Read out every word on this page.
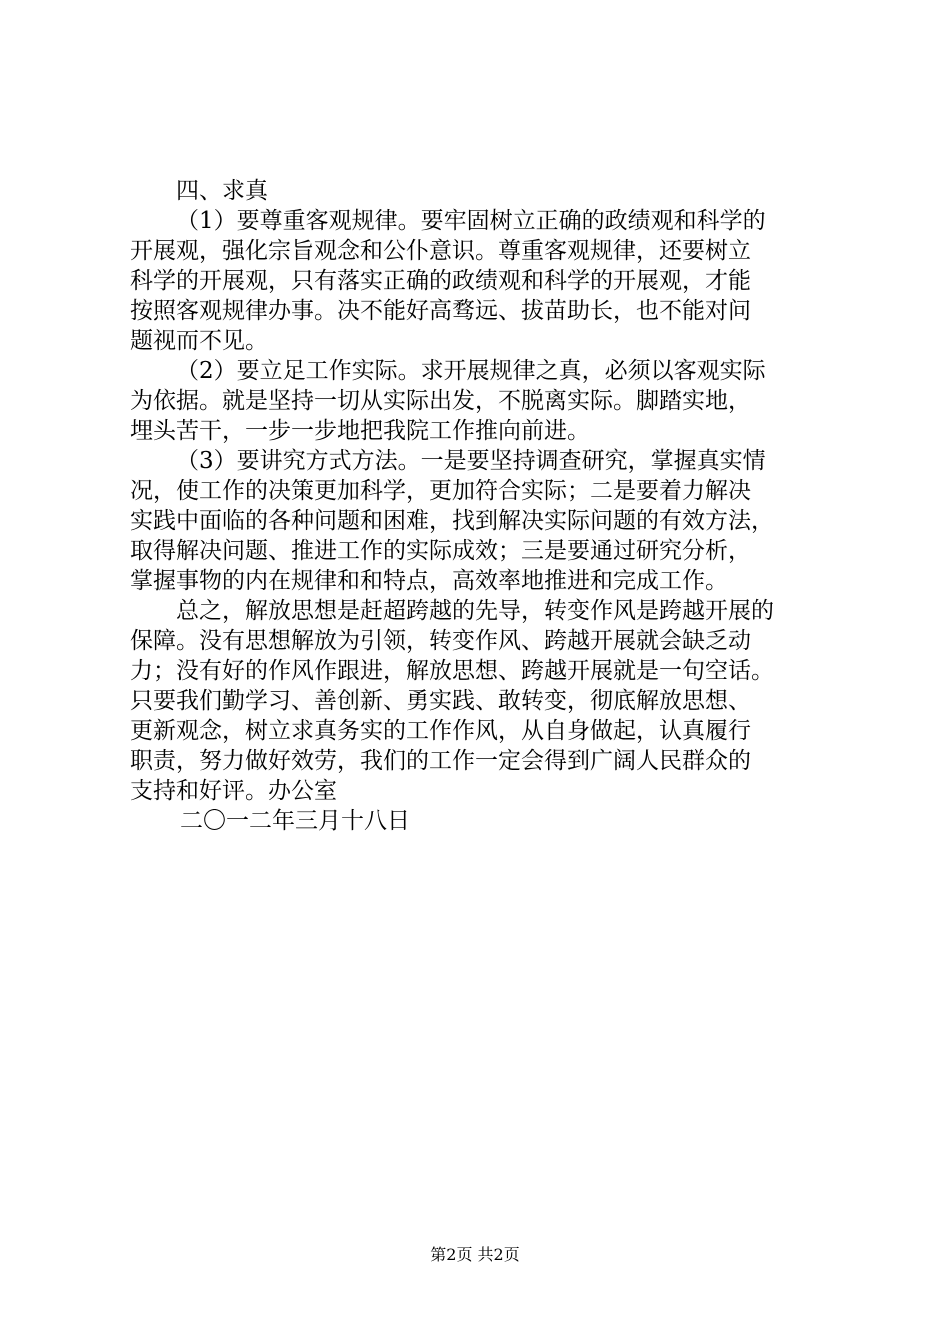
四、求真
（1）要尊重客观规律。要牢固树立正确的政绩观和科学的
开展观，强化宗旨观念和公仆意识。尊重客观规律，还要树立
科学的开展观，只有落实正确的政绩观和科学的开展观，才能
按照客观规律办事。决不能好高骛远、拔苗助长，也不能对问
题视而不见。
（2）要立足工作实际。求开展规律之真，必须以客观实际
为依据。就是坚持一切从实际出发，不脱离实际。脚踏实地，
埋头苦干，一步一步地把我院工作推向前进。
（3）要讲究方式方法。一是要坚持调查研究，掌握真实情
况，使工作的决策更加科学，更加符合实际；二是要着力解决
实践中面临的各种问题和困难，找到解决实际问题的有效方法，
取得解决问题、推进工作的实际成效；三是要通过研究分析，
掌握事物的内在规律和和特点，高效率地推进和完成工作。
总之，解放思想是赶超跨越的先导，转变作风是跨越开展的
保障。没有思想解放为引领，转变作风、跨越开展就会缺乏动
力；没有好的作风作跟进，解放思想、跨越开展就是一句空话。
只要我们勤学习、善创新、勇实践、敢转变，彻底解放思想、
更新观念，树立求真务实的工作作风，从自身做起，认真履行
职责，努力做好效劳，我们的工作一定会得到广阔人民群众的
支持和好评。办公室
二〇一二年三月十八日
第2页 共2页
